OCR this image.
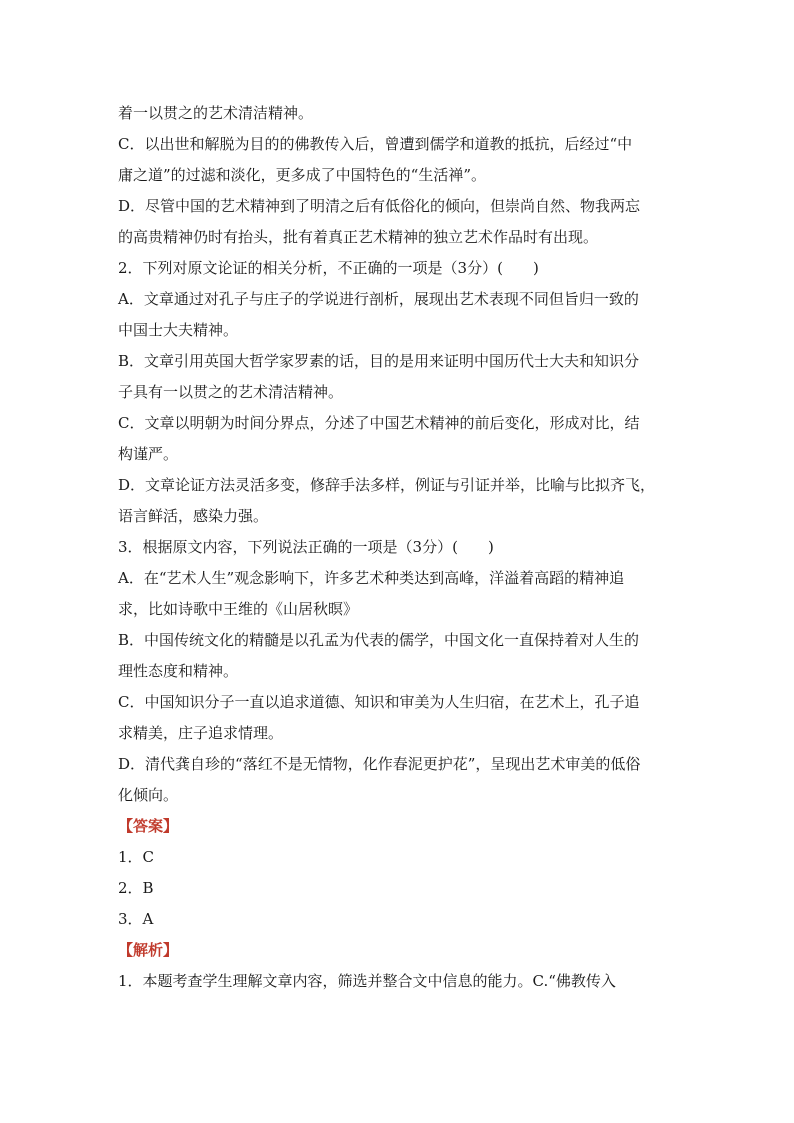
着一以贯之的艺术清洁精神。
C．以出世和解脱为目的的佛教传入后，曾遭到儒学和道教的抵抗，后经过“中
庸之道”的过滤和淡化，更多成了中国特色的“生活禅”。
D．尽管中国的艺术精神到了明清之后有低俗化的倾向，但崇尚自然、物我两忘
的高贵精神仍时有抬头，批有着真正艺术精神的独立艺术作品时有出现。
2．下列对原文论证的相关分析，不正确的一项是（3分）(　　)
A．文章通过对孔子与庄子的学说进行剖析，展现出艺术表现不同但旨归一致的
中国士大夫精神。
B．文章引用英国大哲学家罗素的话，目的是用来证明中国历代士大夫和知识分
子具有一以贯之的艺术清洁精神。
C．文章以明朝为时间分界点，分述了中国艺术精神的前后变化，形成对比，结
构谨严。
D．文章论证方法灵活多变，修辞手法多样，例证与引证并举，比喻与比拟齐飞，
语言鲜活，感染力强。
3．根据原文内容，下列说法正确的一项是（3分）(　　)
A．在“艺术人生”观念影响下，许多艺术种类达到高峰，洋溢着高蹈的精神追
求，比如诗歌中王维的《山居秋暝》
B．中国传统文化的精髓是以孔孟为代表的儒学，中国文化一直保持着对人生的
理性态度和精神。
C．中国知识分子一直以追求道德、知识和审美为人生归宿，在艺术上，孔子追
求精美，庄子追求情理。
D．清代龚自珍的“落红不是无情物，化作春泥更护花”，呈现出艺术审美的低俗
化倾向。
【答案】
1．C
2．B
3．A
【解析】
1．本题考查学生理解文章内容，筛选并整合文中信息的能力。C.“佛教传入
